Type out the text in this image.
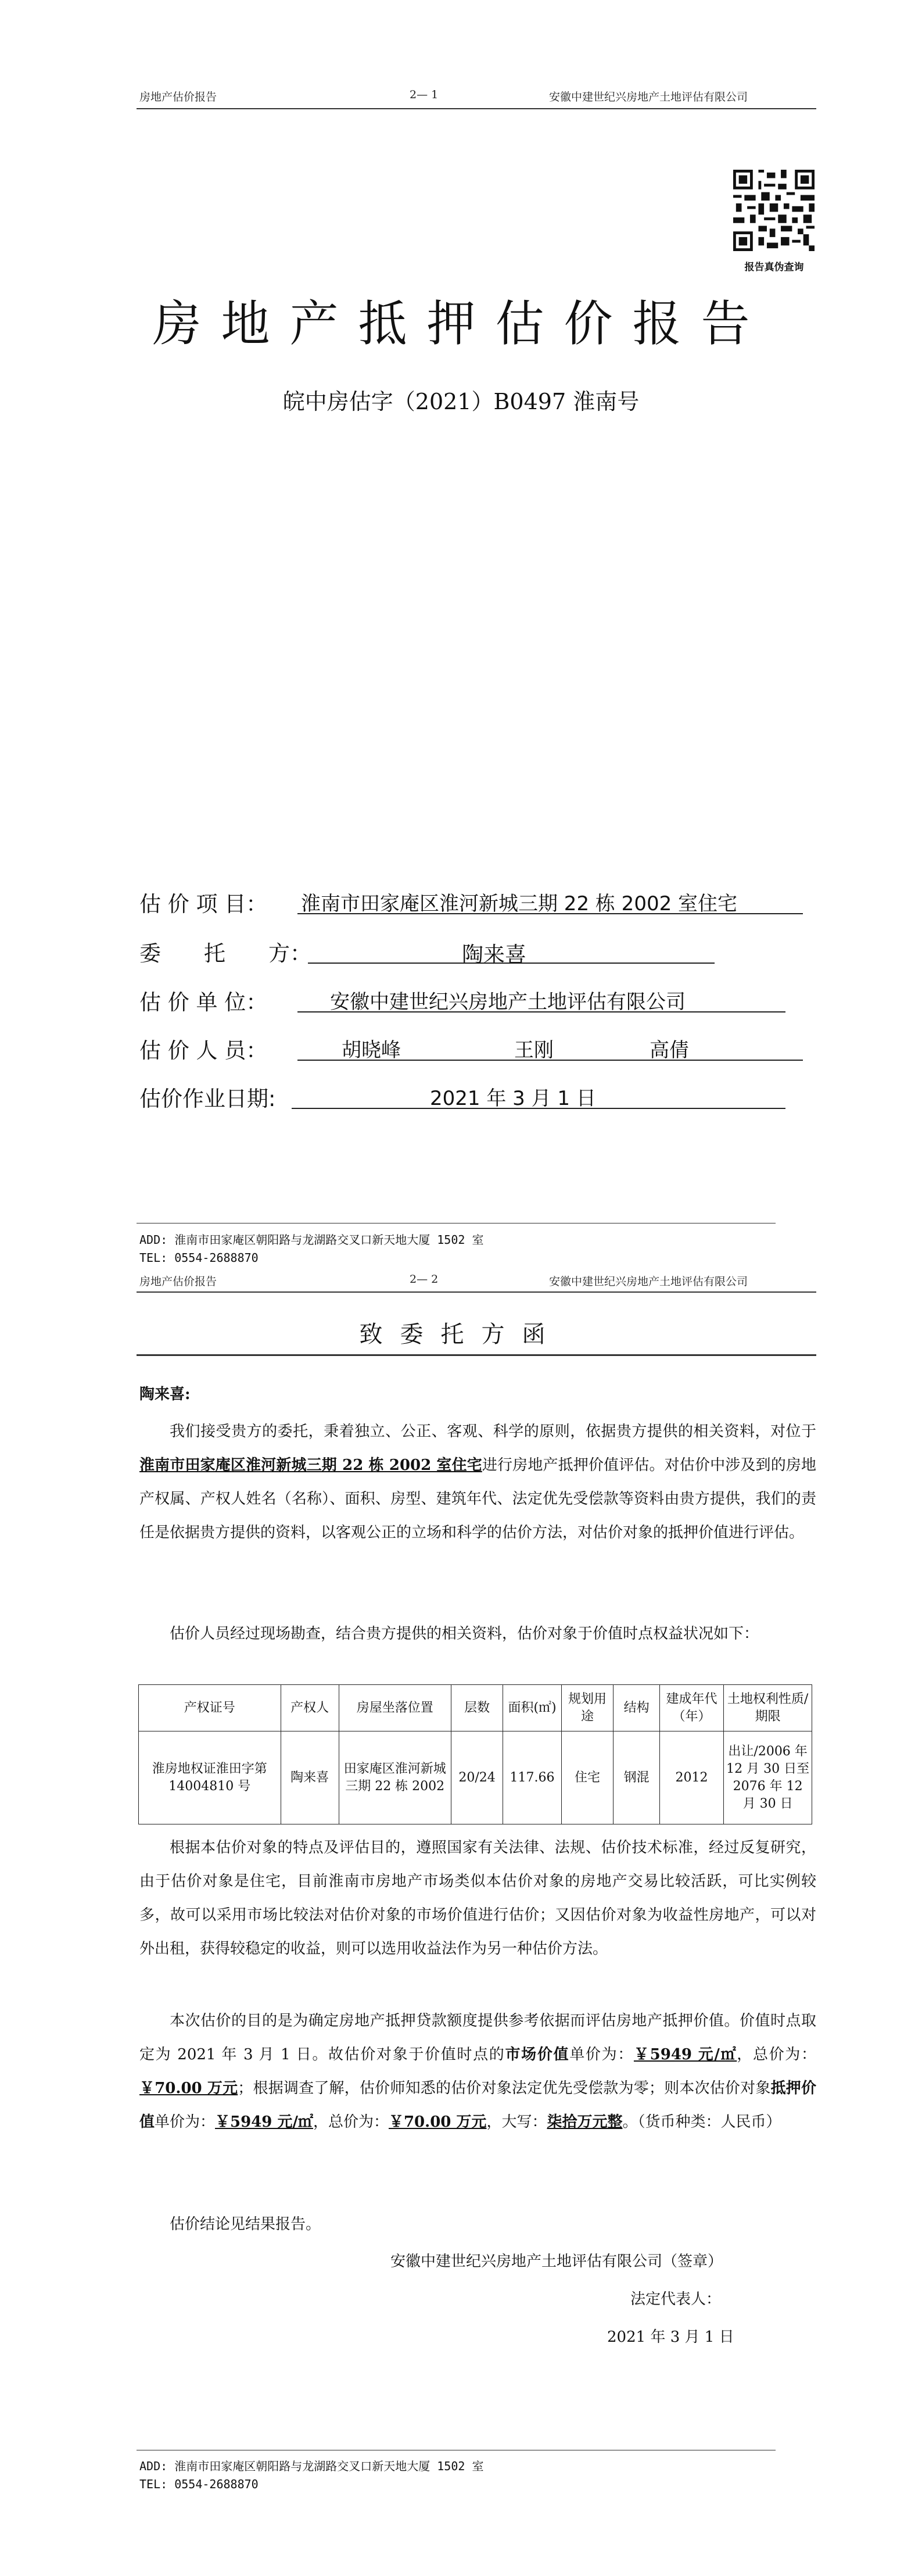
房地产估价报告	2— 1	安徽中建世纪兴房地产土地评估有限公司
报告真伪查询
房地产抵押估价报告
皖中房估字（2021）B0497 淮南号
估 价 项 目： 淮南市田家庵区淮河新城三期 22 栋 2002 室住宅
委　　托　　方：	陶来喜
估 价 单 位：	安徽中建世纪兴房地产土地评估有限公司
估 价 人 员：	胡晓峰	王刚	高倩
估价作业日期:	2021 年 3 月 1 日
ADD: 淮南市田家庵区朝阳路与龙湖路交叉口新天地大厦 1502 室
TEL: 0554-2688870
房地产估价报告	2— 2	安徽中建世纪兴房地产土地评估有限公司
致委托方函
陶来喜:
我们接受贵方的委托，秉着独立、公正、客观、科学的原则，依据贵方提供的相关资料，对位于淮南市田家庵区淮河新城三期 22 栋 2002 室住宅进行房地产抵押价值评估。对估价中涉及到的房地产权属、产权人姓名（名称）、面积、房型、建筑年代、法定优先受偿款等资料由贵方提供，我们的责任是依据贵方提供的资料，以客观公正的立场和科学的估价方法，对估价对象的抵押价值进行评估。
估价人员经过现场勘查，结合贵方提供的相关资料，估价对象于价值时点权益状况如下：
产权证号	产权人	房屋坐落位置	层数	面积(㎡)	规划用途	结构	建成年代（年）	土地权利性质/期限
淮房地权证淮田字第 14004810 号	陶来喜	田家庵区淮河新城三期 22 栋 2002	20/24	117.66	住宅	钢混	2012	出让/2006 年 12 月 30 日至 2076 年 12 月 30 日
根据本估价对象的特点及评估目的，遵照国家有关法律、法规、估价技术标准，经过反复研究，由于估价对象是住宅，目前淮南市房地产市场类似本估价对象的房地产交易比较活跃，可比实例较多，故可以采用市场比较法对估价对象的市场价值进行估价；又因估价对象为收益性房地产，可以对外出租，获得较稳定的收益，则可以选用收益法作为另一种估价方法。
本次估价的目的是为确定房地产抵押贷款额度提供参考依据而评估房地产抵押价值。价值时点取定为 2021 年 3 月 1 日。故估价对象于价值时点的市场价值单价为：￥5949 元/㎡，总价为：￥70.00 万元；根据调查了解，估价师知悉的估价对象法定优先受偿款为零；则本次估价对象抵押价值单价为：￥5949 元/㎡，总价为：￥70.00 万元，大写：柒拾万元整。（货币种类：人民币）
估价结论见结果报告。
安徽中建世纪兴房地产土地评估有限公司（签章）
法定代表人：
2021 年 3 月 1 日
ADD: 淮南市田家庵区朝阳路与龙湖路交叉口新天地大厦 1502 室
TEL: 0554-2688870
